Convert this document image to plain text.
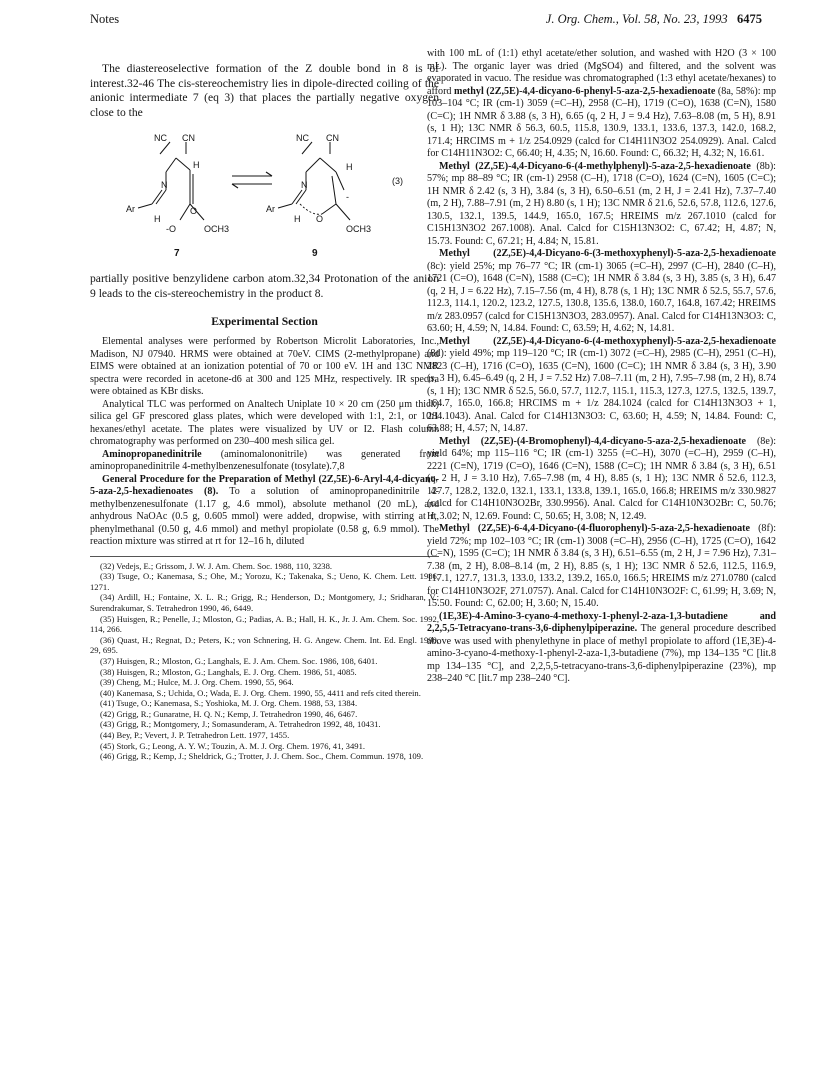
Notes	J. Org. Chem., Vol. 58, No. 23, 1993 6475

The diastereoselective formation of the Z double bond in 8 is of interest.32-46 The cis-stereochemistry lies in dipole-directed coiling of the anionic intermediate 7 (eq 3) that places the partially negative oxygen close to the

NC CN
H
N
Ar
H
O
-O	OCH3
NC CN
H
N
Ar
H O
OCH3
-
(3)
7	9

partially positive benzylidene carbon atom.32,34 Protonation of the anion 9 leads to the cis-stereochemistry in the product 8.

Experimental Section

Elemental analyses were performed by Robertson Microlit Laboratories, Inc., Madison, NJ 07940. HRMS were obtained at 70eV. CIMS (2-methylpropane) and EIMS were obtained at an ionization potential of 70 or 100 eV. 1H and 13C NMR spectra were recorded in acetone-d6 at 300 and 125 MHz, respectively. IR spectra were obtained as KBr disks.

Analytical TLC was performed on Analtech Uniplate 10 × 20 cm (250 μm thick) silica gel GF prescored glass plates, which were developed with 1:1, 2:1, or 10:1 hexanes/ethyl acetate. The plates were visualized by UV or I2. Flash column chromatography was performed on 230–400 mesh silica gel.

Aminopropanedinitrile (aminomalononitrile) was generated from aminopropanedinitrile 4-methylbenzenesulfonate (tosylate).7,8

General Procedure for the Preparation of Methyl (2Z,5E)-6-Aryl-4,4-dicyano-5-aza-2,5-hexadienoates (8). To a solution of aminopropanedinitrile 4-methylbenzenesulfonate (1.17 g, 4.6 mmol), absolute methanol (20 mL), and anhydrous NaOAc (0.5 g, 0.605 mmol) were added, dropwise, with stirring at rt, phenylmethanal (0.50 g, 4.6 mmol) and methyl propiolate (0.58 g, 6.9 mmol). The reaction mixture was stirred at rt for 12–16 h, diluted

(32) Vedejs, E.; Grissom, J. W. J. Am. Chem. Soc. 1988, 110, 3238.

(33) Tsuge, O.; Kanemasa, S.; Ohe, M.; Yorozu, K.; Takenaka, S.; Ueno, K. Chem. Lett. 1986, 1271.

(34) Ardill, H.; Fontaine, X. L. R.; Grigg, R.; Henderson, D.; Montgomery, J.; Sridharan, V.; Surendrakumar, S. Tetrahedron 1990, 46, 6449.

(35) Huisgen, R.; Penelle, J.; Mloston, G.; Padias, A. B.; Hall, H. K., Jr. J. Am. Chem. Soc. 1992, 114, 266.

(36) Quast, H.; Regnat, D.; Peters, K.; von Schnering, H. G. Angew. Chem. Int. Ed. Engl. 1990, 29, 695.

(37) Huisgen, R.; Mloston, G.; Langhals, E. J. Am. Chem. Soc. 1986, 108, 6401.

(38) Huisgen, R.; Mloston, G.; Langhals, E. J. Org. Chem. 1986, 51, 4085.

(39) Cheng, M.; Hulce, M. J. Org. Chem. 1990, 55, 964.

(40) Kanemasa, S.; Uchida, O.; Wada, E. J. Org. Chem. 1990, 55, 4411 and refs cited therein.

(41) Tsuge, O.; Kanemasa, S.; Yoshioka, M. J. Org. Chem. 1988, 53, 1384.

(42) Grigg, R.; Gunaratne, H. Q. N.; Kemp, J. Tetrahedron 1990, 46, 6467.

(43) Grigg, R.; Montgomery, J.; Somasunderam, A. Tetrahedron 1992, 48, 10431.

(44) Bey, P.; Vevert, J. P. Tetrahedron Lett. 1977, 1455.

(45) Stork, G.; Leong, A. Y. W.; Touzin, A. M. J. Org. Chem. 1976, 41, 3491.

(46) Grigg, R.; Kemp, J.; Sheldrick, G.; Trotter, J. J. Chem. Soc., Chem. Commun. 1978, 109.

with 100 mL of (1:1) ethyl acetate/ether solution, and washed with H2O (3 × 100 mL). The organic layer was dried (MgSO4) and filtered, and the solvent was evaporated in vacuo. The residue was chromatographed (1:3 ethyl acetate/hexanes) to afford methyl (2Z,5E)-4,4-dicyano-6-phenyl-5-aza-2,5-hexadienoate (8a, 58%): mp 103–104 °C; IR (cm-1) 3059 (=C–H), 2958 (C–H), 1719 (C=O), 1638 (C=N), 1580 (C=C); 1H NMR δ 3.88 (s, 3 H), 6.65 (q, 2 H, J = 9.4 Hz), 7.63–8.08 (m, 5 H), 8.91 (s, 1 H); 13C NMR δ 56.3, 60.5, 115.8, 130.9, 133.1, 133.6, 137.3, 142.0, 168.2, 171.4; HRCIMS m + 1/z 254.0929 (calcd for C14H11N3O2 254.0929). Anal. Calcd for C14H11N3O2: C, 66.40; H, 4.35; N, 16.60. Found: C, 66.32; H, 4.32; N, 16.61.

Methyl (2Z,5E)-4,4-Dicyano-6-(4-methylphenyl)-5-aza-2,5-hexadienoate (8b): 57%; mp 88–89 °C; IR (cm-1) 2958 (C–H), 1718 (C=O), 1624 (C=N), 1605 (C=C); 1H NMR δ 2.42 (s, 3 H), 3.84 (s, 3 H), 6.50–6.51 (m, 2 H, J = 2.41 Hz), 7.37–7.40 (m, 2 H), 7.88–7.91 (m, 2 H) 8.80 (s, 1 H); 13C NMR δ 21.6, 52.6, 57.8, 112.6, 127.6, 130.5, 132.1, 139.5, 144.9, 165.0, 167.5; HREIMS m/z 267.1010 (calcd for C15H13N3O2 267.1008). Anal. Calcd for C15H13N3O2: C, 67.42; H, 4.87; N, 15.73. Found: C, 67.21; H, 4.84; N, 15.81.

Methyl (2Z,5E)-4,4-Dicyano-6-(3-methoxyphenyl)-5-aza-2,5-hexadienoate (8c): yield 25%; mp 76–77 °C; IR (cm-1) 3065 (=C–H), 2997 (C–H), 2840 (C–H), 1721 (C=O), 1648 (C=N), 1588 (C=C); 1H NMR δ 3.84 (s, 3 H), 3.85 (s, 3 H), 6.47 (q, 2 H, J = 6.22 Hz), 7.15–7.56 (m, 4 H), 8.78 (s, 1 H); 13C NMR δ 52.5, 55.7, 57.6, 112.3, 114.1, 120.2, 123.2, 127.5, 130.8, 135.6, 138.0, 160.7, 164.8, 167.42; HREIMS m/z 283.0957 (calcd for C15H13N3O3, 283.0957). Anal. Calcd for C14H13N3O3: C, 63.60; H, 4.59; N, 14.84. Found: C, 63.59; H, 4.62; N, 14.81.

Methyl (2Z,5E)-4,4-Dicyano-6-(4-methoxyphenyl)-5-aza-2,5-hexadienoate (8d): yield 49%; mp 119–120 °C; IR (cm-1) 3072 (=C–H), 2985 (C–H), 2951 (C–H), 2823 (C–H), 1716 (C=O), 1635 (C=N), 1600 (C=C); 1H NMR δ 3.84 (s, 3 H), 3.90 (s, 3 H), 6.45–6.49 (q, 2 H, J = 7.52 Hz) 7.08–7.11 (m, 2 H), 7.95–7.98 (m, 2 H), 8.74 (s, 1 H); 13C NMR δ 52.5, 56.0, 57.7, 112.7, 115.1, 115.3, 127.3, 127.5, 132.5, 139.7, 164.7, 165.0, 166.8; HRCIMS m + 1/z 284.1024 (calcd for C14H13N3O3 + 1, 284.1043). Anal. Calcd for C14H13N3O3: C, 63.60; H, 4.59; N, 14.84. Found: C, 63.88; H, 4.57; N, 14.87.

Methyl (2Z,5E)-(4-Bromophenyl)-4,4-dicyano-5-aza-2,5-hexadienoate (8e): yield 64%; mp 115–116 °C; IR (cm-1) 3255 (=C–H), 3070 (=C–H), 2959 (C–H), 2221 (C≡N), 1719 (C=O), 1646 (C=N), 1588 (C=C); 1H NMR δ 3.84 (s, 3 H), 6.51 (q, 2 H, J = 3.10 Hz), 7.65–7.98 (m, 4 H), 8.85 (s, 1 H); 13C NMR δ 52.6, 112.3, 127.7, 128.2, 132.0, 132.1, 133.1, 133.8, 139.1, 165.0, 166.8; HREIMS m/z 330.9827 (calcd for C14H10N3O2Br, 330.9956). Anal. Calcd for C14H10N3O2Br: C, 50.76; H, 3.02; N, 12.69. Found: C, 50.65; H, 3.08; N, 12.49.

Methyl (2Z,5E)-6-4,4-Dicyano-(4-fluorophenyl)-5-aza-2,5-hexadienoate (8f): yield 72%; mp 102–103 °C; IR (cm-1) 3008 (=C–H), 2956 (C–H), 1725 (C=O), 1642 (C=N), 1595 (C=C); 1H NMR δ 3.84 (s, 3 H), 6.51–6.55 (m, 2 H, J = 7.96 Hz), 7.31–7.38 (m, 2 H), 8.08–8.14 (m, 2 H), 8.85 (s, 1 H); 13C NMR δ 52.6, 112.5, 116.9, 117.1, 127.7, 131.3, 133.0, 133.2, 139.2, 165.0, 166.5; HREIMS m/z 271.0780 (calcd for C14H10N3O2F, 271.0757). Anal. Calcd for C14H10N3O2F: C, 61.99; H, 3.69; N, 15.50. Found: C, 62.00; H, 3.60; N, 15.40.

(1E,3E)-4-Amino-3-cyano-4-methoxy-1-phenyl-2-aza-1,3-butadiene and 2,2,5,5-Tetracyano-trans-3,6-diphenylpiperazine. The general procedure described above was used with phenylethyne in place of methyl propiolate to afford (1E,3E)-4-amino-3-cyano-4-methoxy-1-phenyl-2-aza-1,3-butadiene (7%), mp 134–135 °C [lit.8 mp 134–135 °C], and 2,2,5,5-tetracyano-trans-3,6-diphenylpiperazine (23%), mp 238–240 °C [lit.7 mp 238–240 °C].
